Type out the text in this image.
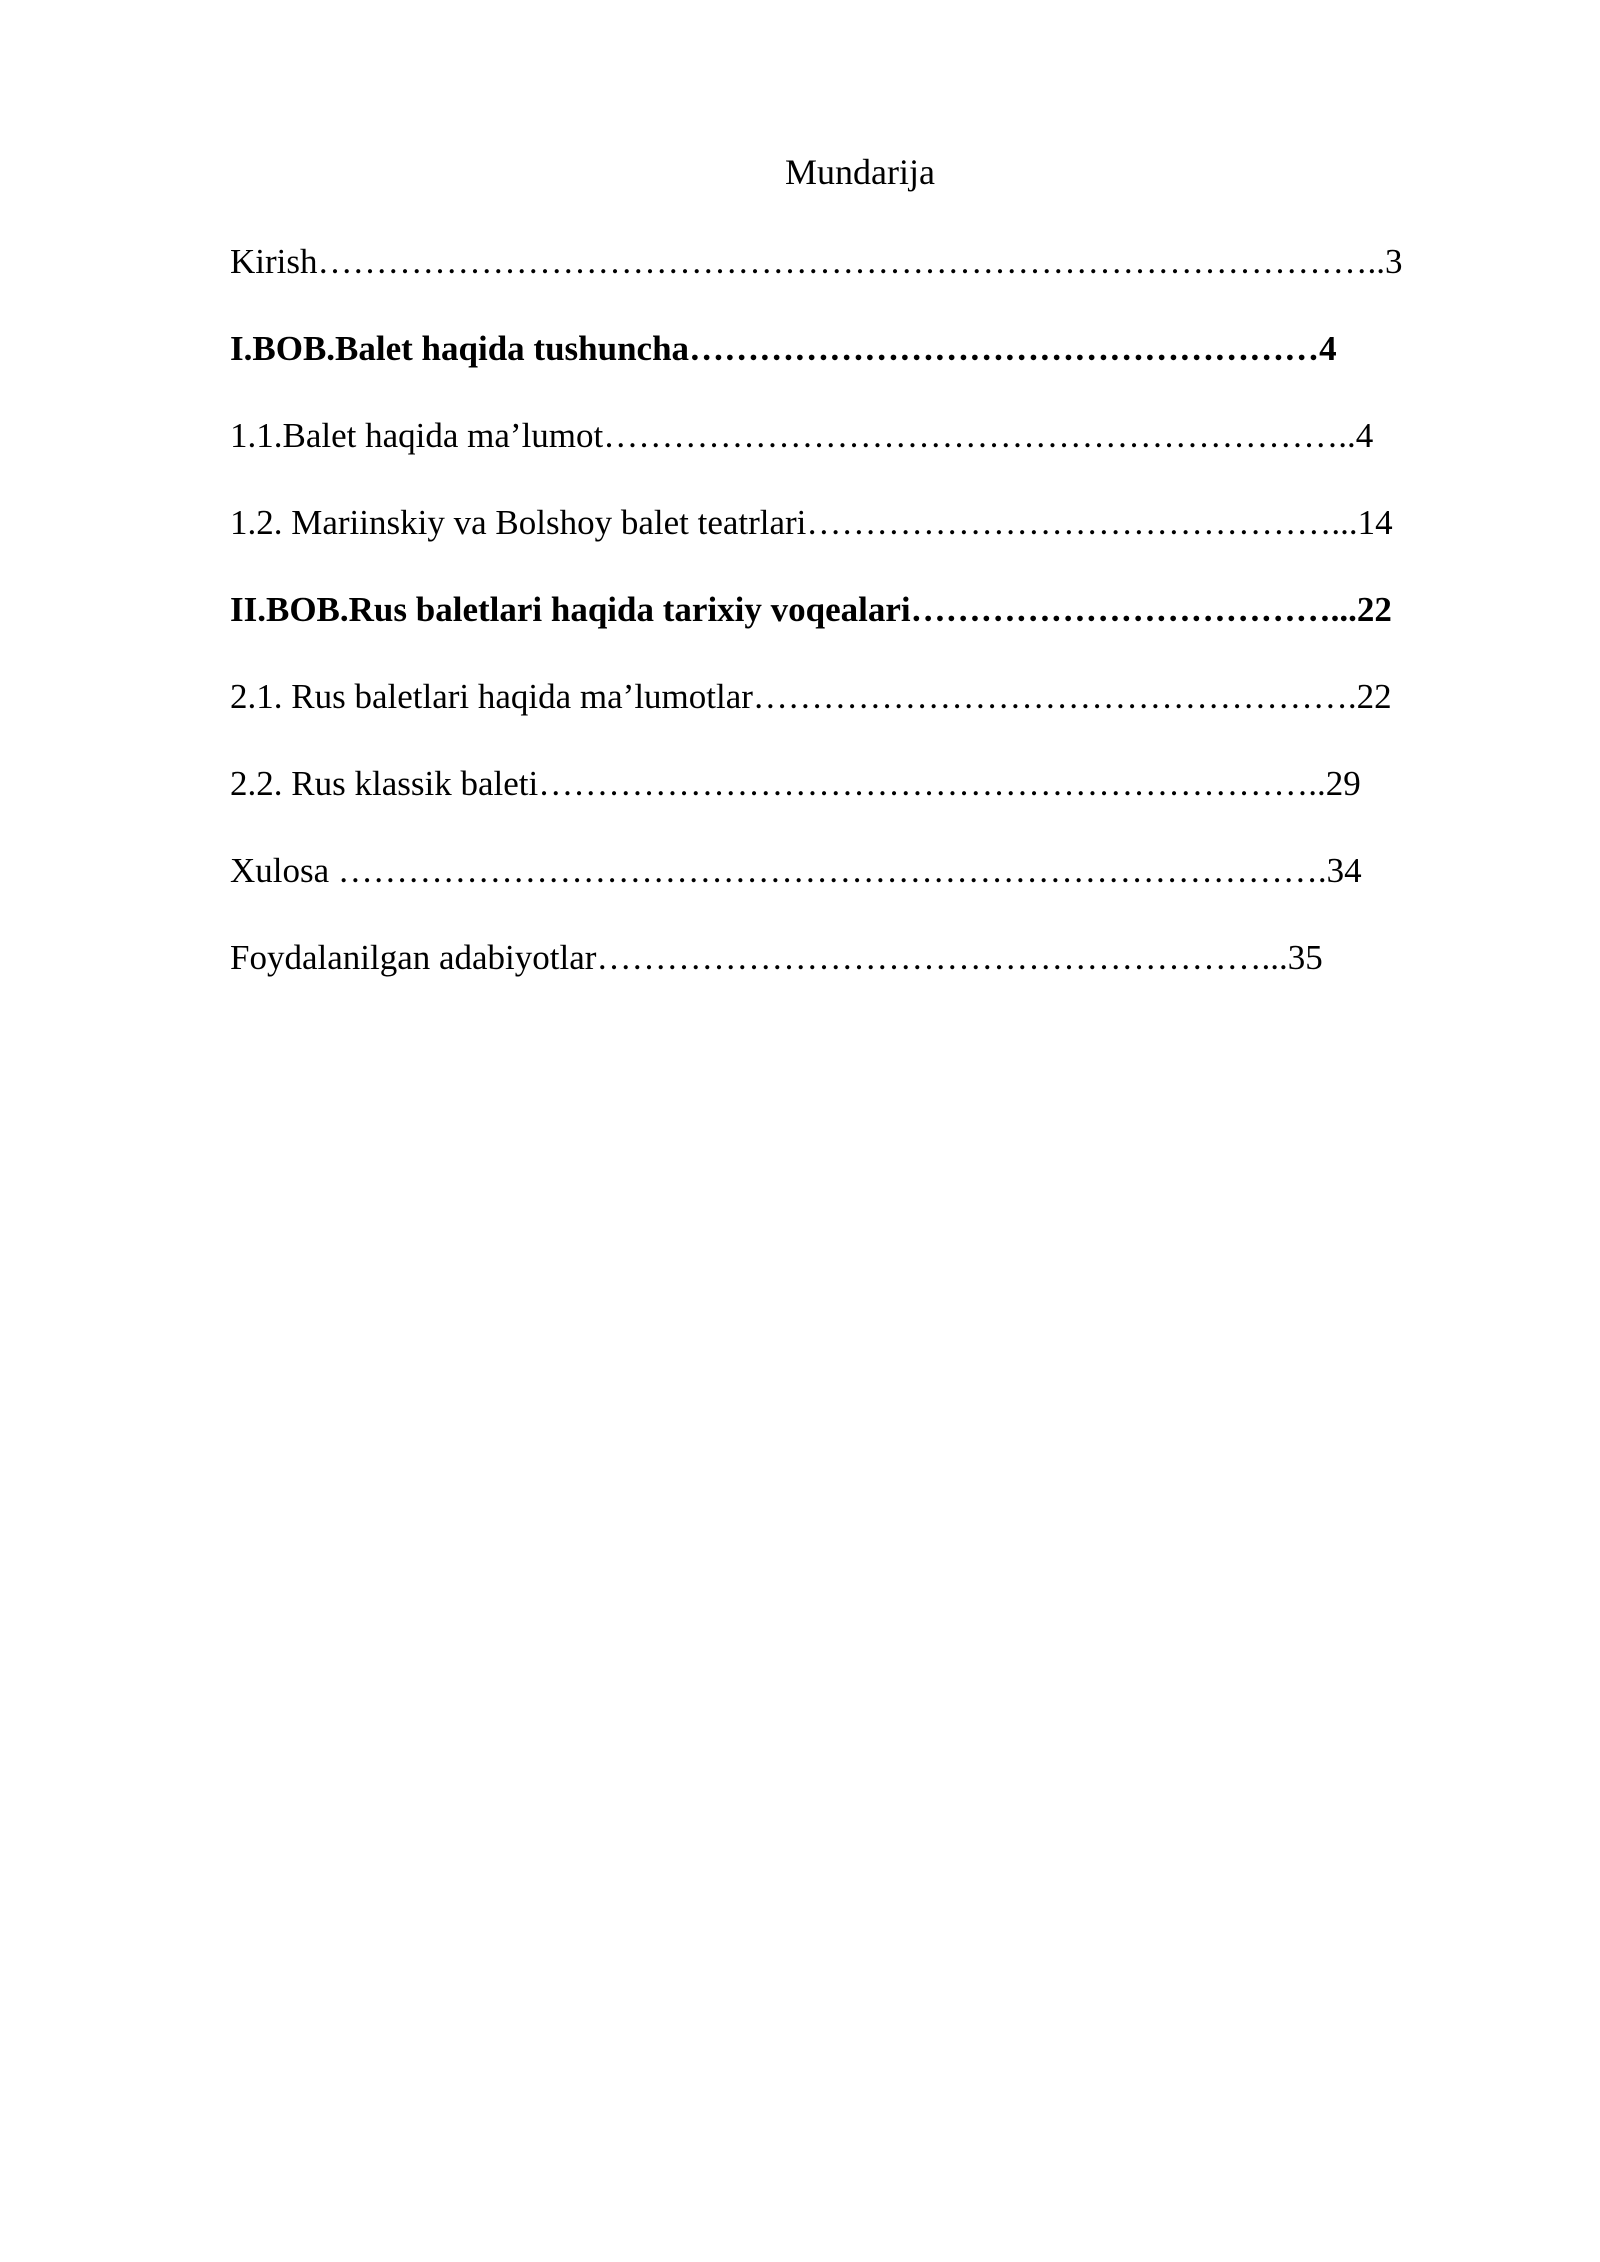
Mundarija
Kirish………………………………………………………………………………..3
I.BOB.Balet haqida tushuncha………………………………………………4
1.1.Balet haqida ma’lumot………………………………………………………..4
1.2. Mariinskiy va Bolshoy balet teatrlari………………………………………...14
II.BOB.Rus baletlari haqida tarixiy voqealari………………………………...22
2.1. Rus baletlari haqida ma’lumotlar…………………………………………….22
2.2. Rus klassik baleti…………………………………………………………..29
Xulosa ………………………………………………………………………….34
Foydalanilgan adabiyotlar…………………………………………………...35
